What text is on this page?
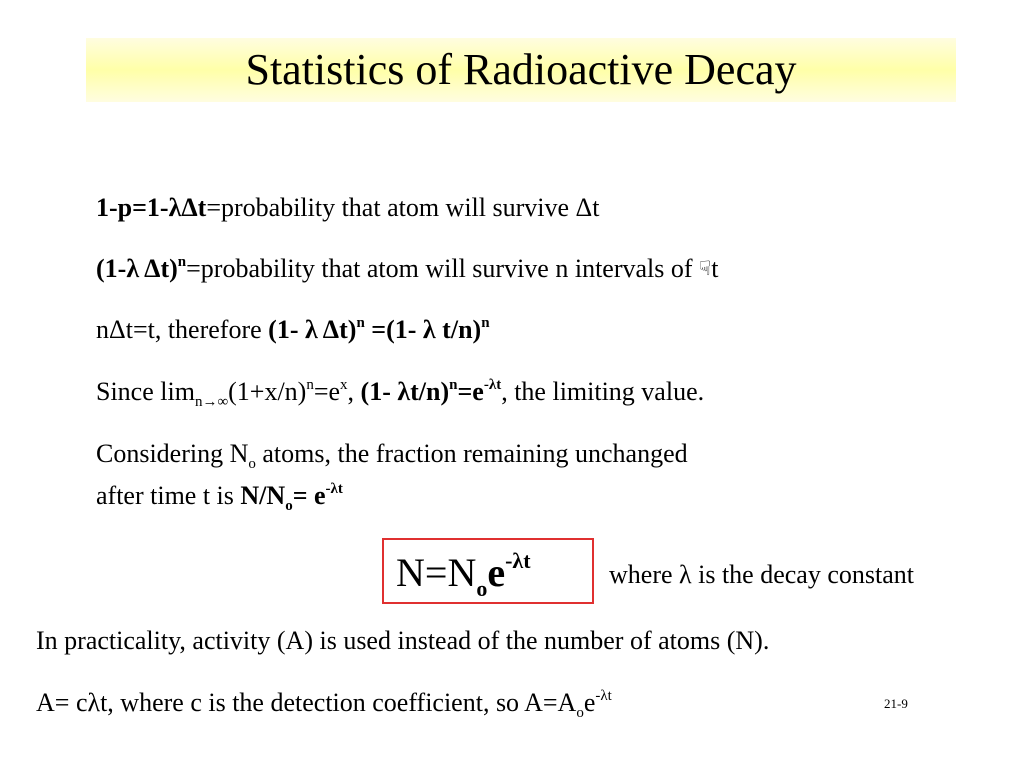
Statistics of Radioactive Decay
1-p=1-λΔt=probability that atom will survive Δt
(1-λ Δt)$^n$=probability that atom will survive n intervals of ☟t
nΔt=t, therefore (1- λ Δt)$^n$ =(1- λ t/n)$^n$
Since $\lim_{n\to\infty}(1+x/n)^n=e^x$, (1- $\lambda t/n)^n=e^{-\lambda t}$, the limiting value.
Considering $N_o$ atoms, the fraction remaining unchanged
after time t is $N/N_o= e^{-\lambda t}$
$N=N_oe^{-\lambda t}$	where λ is the decay constant
In practicality, activity (A) is used instead of the number of atoms (N).
A= cλt, where c is the detection coefficient, so $A=A_oe^{-\lambda t}$	21-9
